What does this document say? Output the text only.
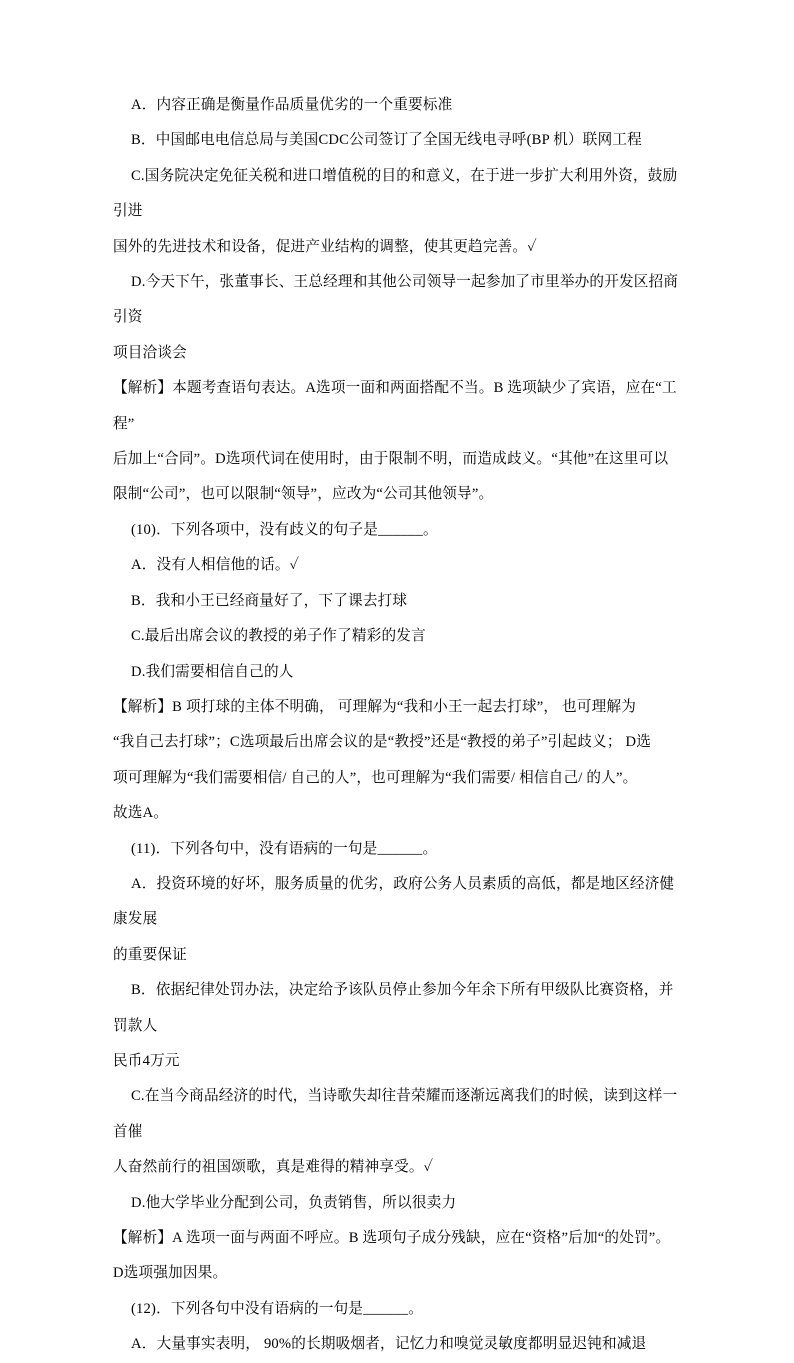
A．内容正确是衡量作品质量优劣的一个重要标准
B．中国邮电电信总局与美国CDC公司签订了全国无线电寻呼(BP 机）联网工程
C.国务院决定免征关税和进口增值税的目的和意义，在于进一步扩大利用外资，鼓励引进
国外的先进技术和设备，促进产业结构的调整，使其更趋完善。✓
D.今天下午，张董事长、王总经理和其他公司领导一起参加了市里举办的开发区招商引资
项目洽谈会
【解析】本题考查语句表达。A选项一面和两面搭配不当。B 选项缺少了宾语，应在“工程”
后加上“合同”。D选项代词在使用时，由于限制不明，而造成歧义。“其他”在这里可以
限制“公司”，也可以限制“领导”，应改为“公司其他领导”。
(10)．下列各项中，没有歧义的句子是______。
A．没有人相信他的话。✓
B．我和小王已经商量好了，下了课去打球
C.最后出席会议的教授的弟子作了精彩的发言
D.我们需要相信自己的人
【解析】B 项打球的主体不明确， 可理解为“我和小王一起去打球”， 也可理解为
“我自己去打球”；C选项最后出席会议的是“教授”还是“教授的弟子”引起歧义； D选
项可理解为“我们需要相信/ 自己的人”，也可理解为“我们需要/ 相信自己/ 的人”。
故选A。
(11)．下列各句中，没有语病的一句是______。
A．投资环境的好坏，服务质量的优劣，政府公务人员素质的高低，都是地区经济健康发展
的重要保证
B．依据纪律处罚办法，决定给予该队员停止参加今年余下所有甲级队比赛资格，并罚款人
民币4万元
C.在当今商品经济的时代，当诗歌失却往昔荣耀而逐渐远离我们的时候，读到这样一首催
人奋然前行的祖国颂歌，真是难得的精神享受。✓
D.他大学毕业分配到公司，负责销售，所以很卖力
【解析】A 选项一面与两面不呼应。B 选项句子成分残缺，应在“资格”后加“的处罚”。
D选项强加因果。
(12)．下列各句中没有语病的一句是______。
A．大量事实表明， 90%的长期吸烟者，记忆力和嗅觉灵敏度都明显迟钝和减退
